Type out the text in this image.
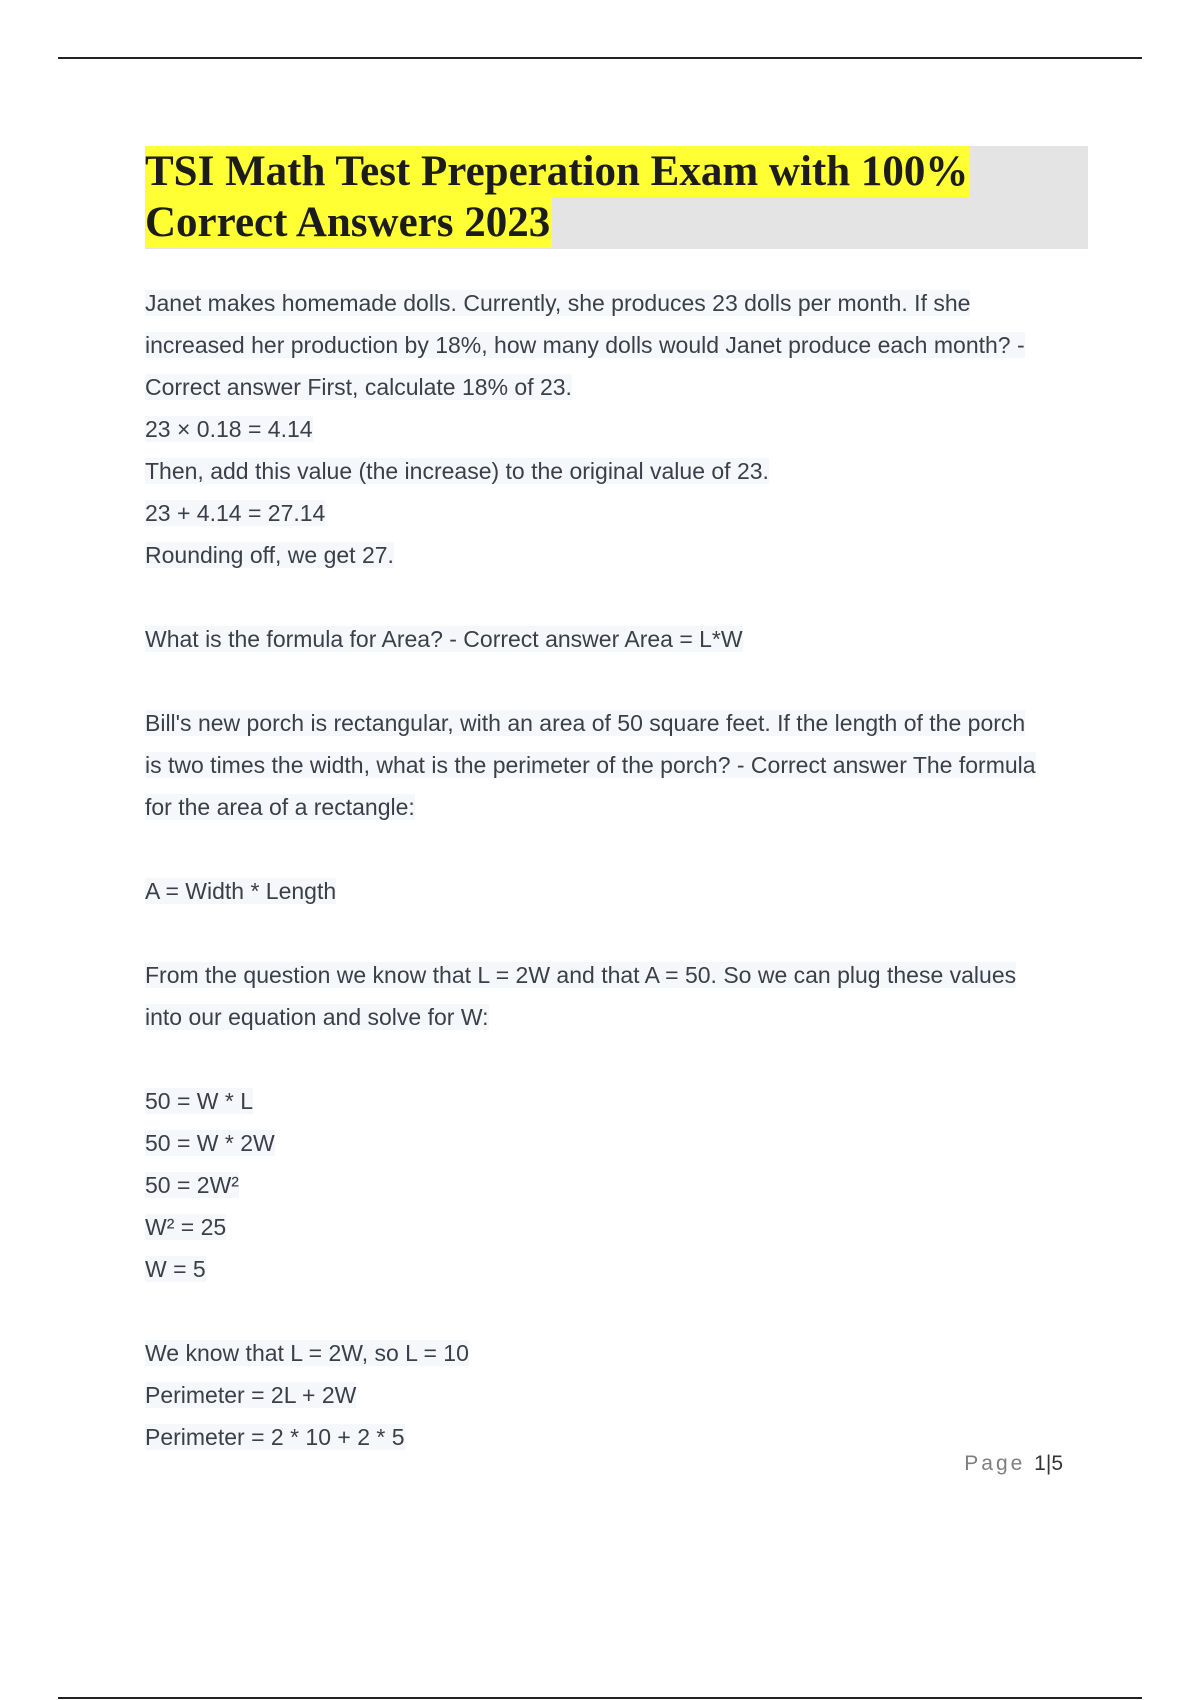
TSI Math Test Preperation Exam with 100%
Correct Answers 2023

Janet makes homemade dolls. Currently, she produces 23 dolls per month. If she

increased her production by 18%, how many dolls would Janet produce each month? -

Correct answer First, calculate 18% of 23.

23 × 0.18 = 4.14

Then, add this value (the increase) to the original value of 23.

23 + 4.14 = 27.14

Rounding off, we get 27.

What is the formula for Area? - Correct answer Area = L*W

Bill's new porch is rectangular, with an area of 50 square feet. If the length of the porch

is two times the width, what is the perimeter of the porch? - Correct answer The formula

for the area of a rectangle:

A = Width * Length

From the question we know that L = 2W and that A = 50. So we can plug these values

into our equation and solve for W:

50 = W * L

50 = W * 2W

50 = 2W²

W² = 25

W = 5

We know that L = 2W, so L = 10

Perimeter = 2L + 2W

Perimeter = 2 * 10 + 2 * 5

Page 1|5
